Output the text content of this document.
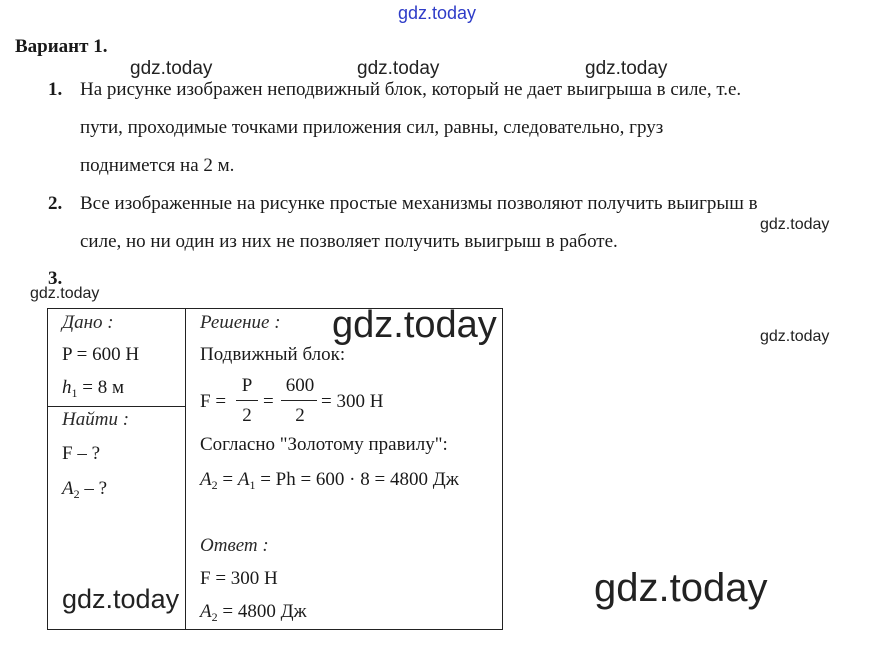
gdz.today
gdz.today	gdz.today	gdz.today
gdz.today
gdz.today
gdz.today
gdz.today
gdz.today	gdz.today
Вариант 1.
1. На рисунке изображен неподвижный блок, который не дает выигрыша в силе, т.е.
пути, проходимые точками приложения сил, равны, следовательно, груз
поднимется на 2 м.
2. Все изображенные на рисунке простые механизмы позволяют получить выигрыш в
силе, но ни один из них не позволяет получить выигрыш в работе.
3.
Дано :
P = 600 Н
$h_1 = 8$ м
Найти :
F – ?
$A_2$ – ?
Решение :
Подвижный блок:
F =
P
2
=
600
2
= 300 Н
Согласно "Золотому правилу":
$A_2 = A_1 = Ph = 600 \cdot 8 = 4800$ Дж
Ответ :
F = 300 Н
$A_2 = 4800$ Дж
